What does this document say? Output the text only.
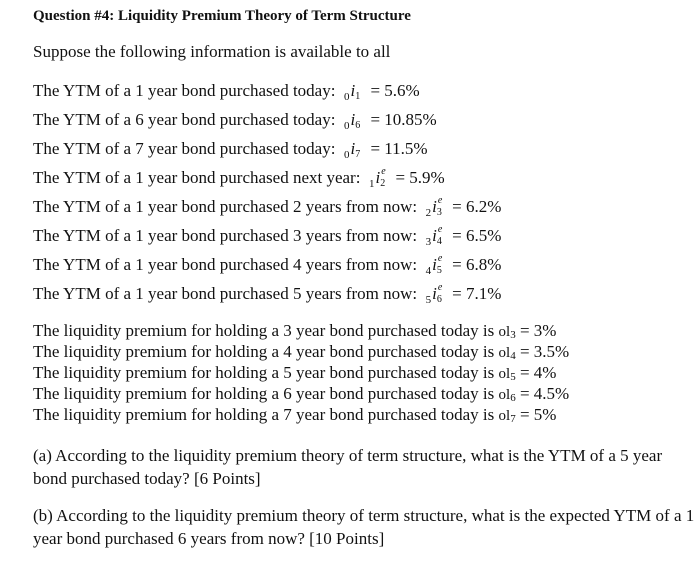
Question #4: Liquidity Premium Theory of Term Structure
Suppose the following information is available to all
The YTM of a 1 year bond purchased today: $_0$i 1 = 5.6%
The YTM of a 6 year bond purchased today: $_0$i 6 = 10.85%
The YTM of a 7 year bond purchased today: $_0$i 7 = 11.5%
The YTM of a 1 year bond purchased next year: $_1$i e
2 = 5.9%
The YTM of a 1 year bond purchased 2 years from now: $_2$i e
3 = 6.2%
The YTM of a 1 year bond purchased 3 years from now: $_3$i e
4 = 6.5%
The YTM of a 1 year bond purchased 4 years from now: $_4$i e
5 = 6.8%
The YTM of a 1 year bond purchased 5 years from now: $_5$i e
6 = 7.1%
The liquidity premium for holding a 3 year bond purchased today is ol3 = 3%
The liquidity premium for holding a 4 year bond purchased today is ol4 = 3.5%
The liquidity premium for holding a 5 year bond purchased today is ol5 = 4%
The liquidity premium for holding a 6 year bond purchased today is ol6 = 4.5%
The liquidity premium for holding a 7 year bond purchased today is ol7 = 5%
(a) According to the liquidity premium theory of term structure, what is the YTM of a 5 year bond purchased today? [6 Points]
(b) According to the liquidity premium theory of term structure, what is the expected YTM of a 1 year bond purchased 6 years from now? [10 Points]
